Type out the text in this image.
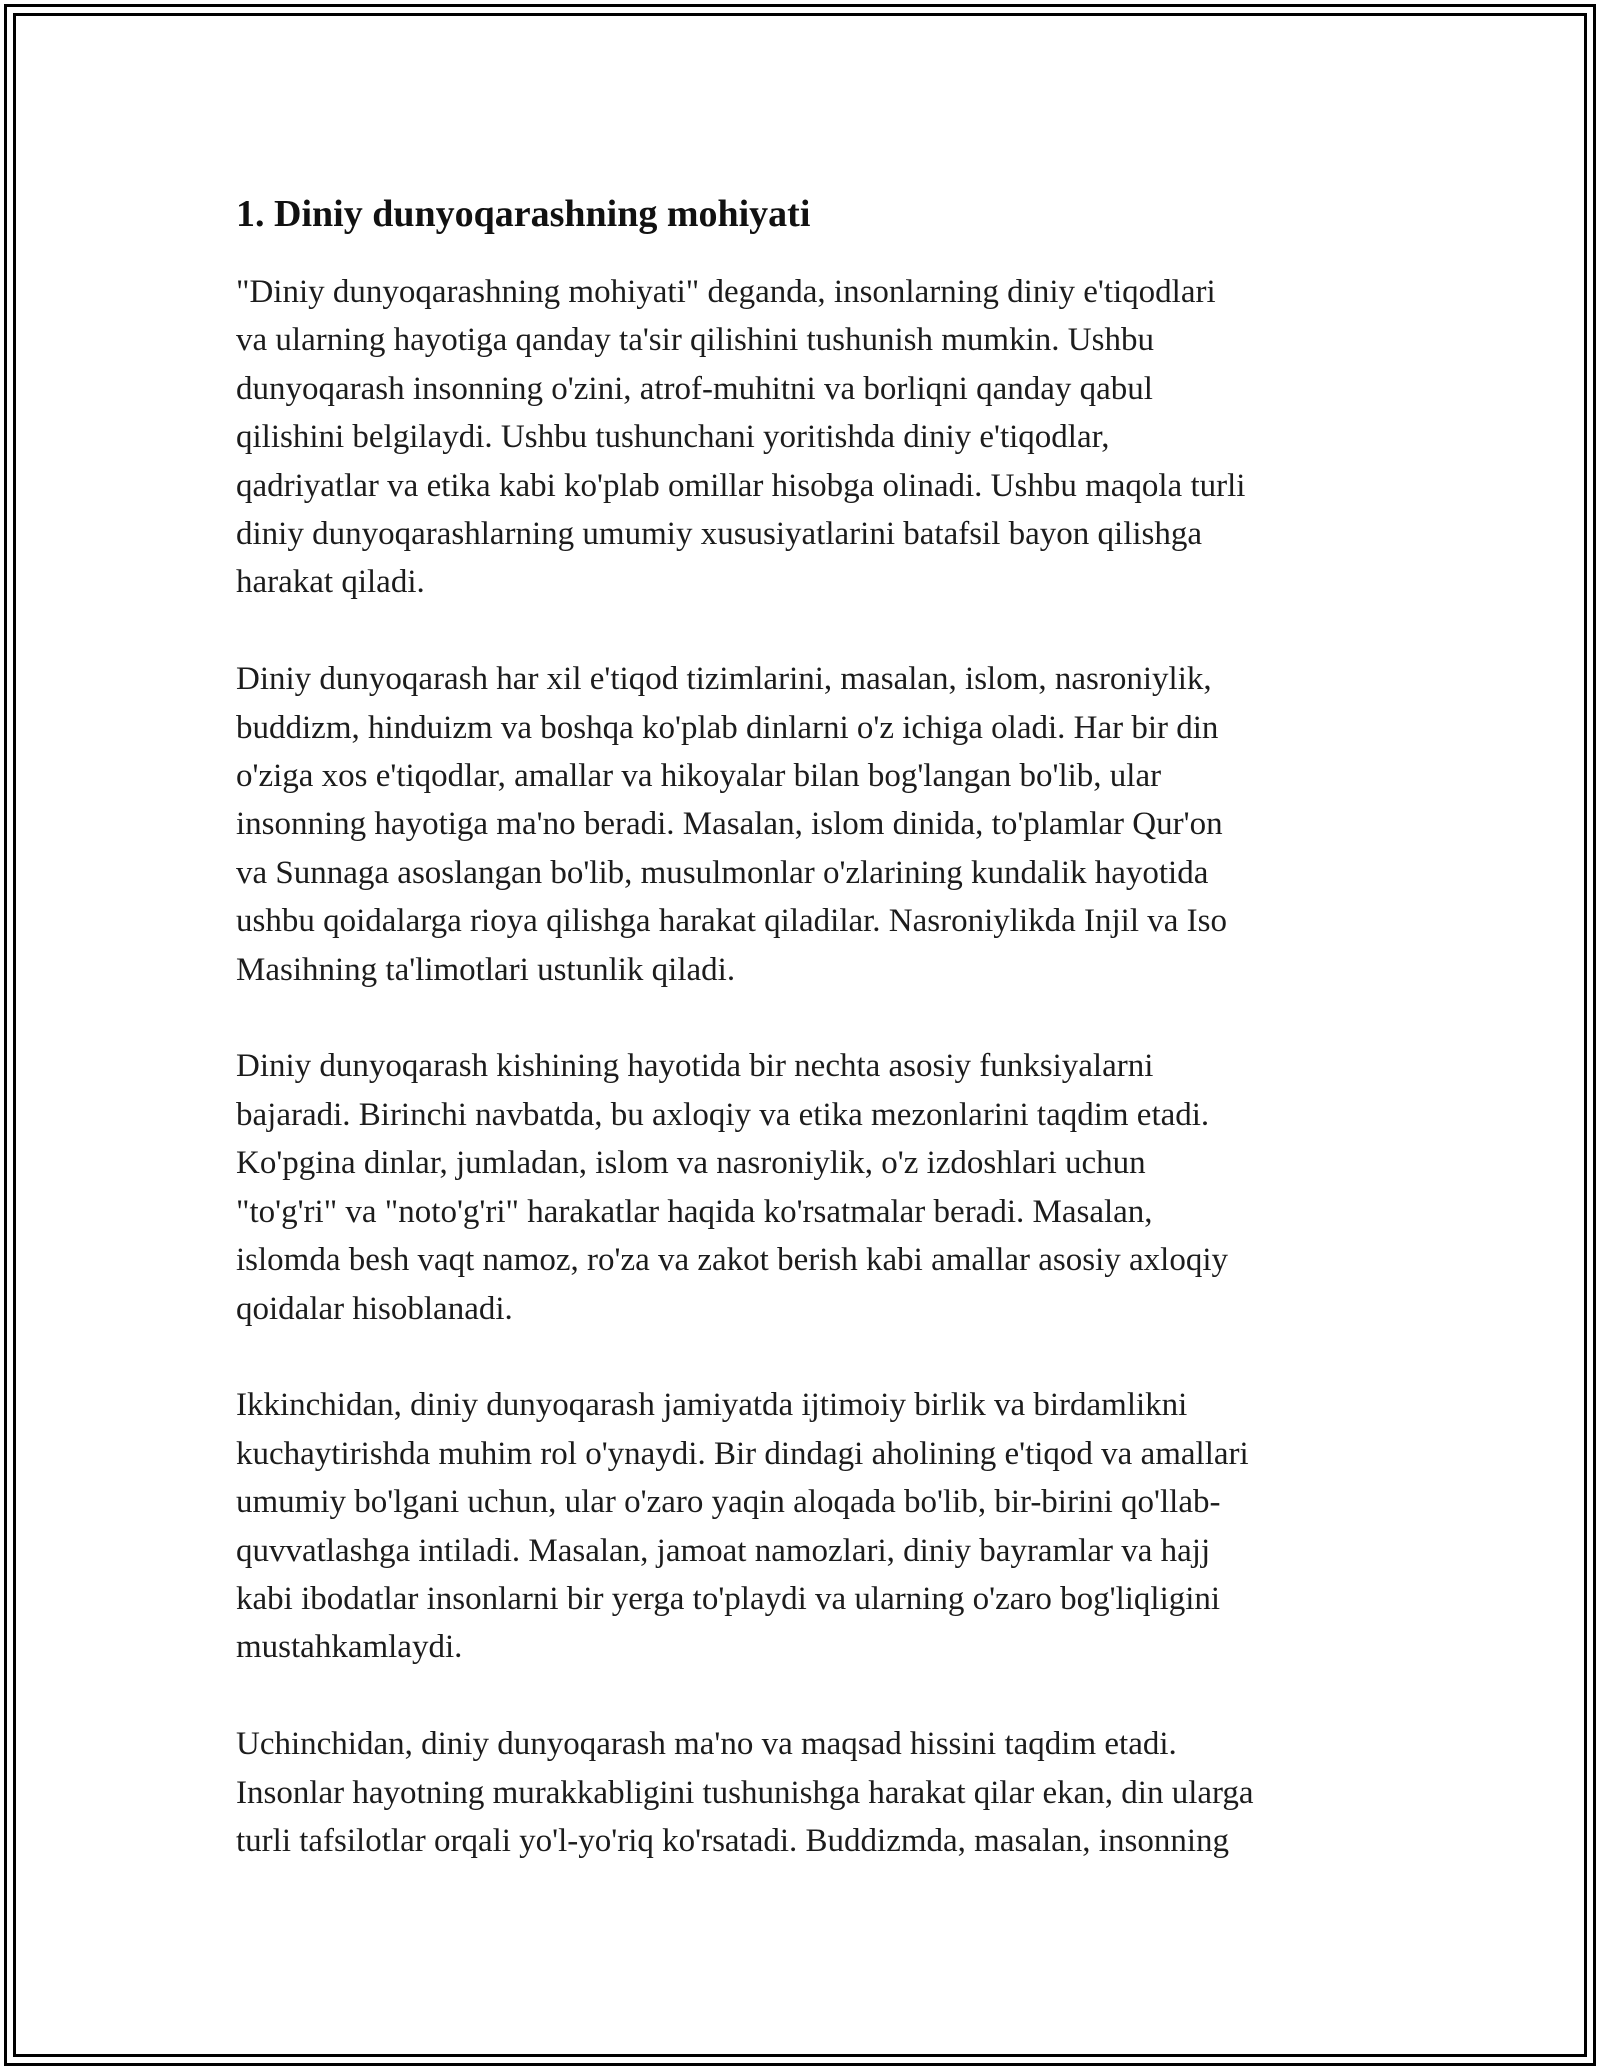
1. Diniy dunyoqarashning mohiyati

"Diniy dunyoqarashning mohiyati" deganda, insonlarning diniy e'tiqodlari
va ularning hayotiga qanday ta'sir qilishini tushunish mumkin. Ushbu
dunyoqarash insonning o'zini, atrof-muhitni va borliqni qanday qabul
qilishini belgilaydi. Ushbu tushunchani yoritishda diniy e'tiqodlar,
qadriyatlar va etika kabi ko'plab omillar hisobga olinadi. Ushbu maqola turli
diniy dunyoqarashlarning umumiy xususiyatlarini batafsil bayon qilishga
harakat qiladi.

Diniy dunyoqarash har xil e'tiqod tizimlarini, masalan, islom, nasroniylik,
buddizm, hinduizm va boshqa ko'plab dinlarni o'z ichiga oladi. Har bir din
o'ziga xos e'tiqodlar, amallar va hikoyalar bilan bog'langan bo'lib, ular
insonning hayotiga ma'no beradi. Masalan, islom dinida, to'plamlar Qur'on
va Sunnaga asoslangan bo'lib, musulmonlar o'zlarining kundalik hayotida
ushbu qoidalarga rioya qilishga harakat qiladilar. Nasroniylikda Injil va Iso
Masihning ta'limotlari ustunlik qiladi.

Diniy dunyoqarash kishining hayotida bir nechta asosiy funksiyalarni
bajaradi. Birinchi navbatda, bu axloqiy va etika mezonlarini taqdim etadi.
Ko'pgina dinlar, jumladan, islom va nasroniylik, o'z izdoshlari uchun
"to'g'ri" va "noto'g'ri" harakatlar haqida ko'rsatmalar beradi. Masalan,
islomda besh vaqt namoz, ro'za va zakot berish kabi amallar asosiy axloqiy
qoidalar hisoblanadi.

Ikkinchidan, diniy dunyoqarash jamiyatda ijtimoiy birlik va birdamlikni
kuchaytirishda muhim rol o'ynaydi. Bir dindagi aholining e'tiqod va amallari
umumiy bo'lgani uchun, ular o'zaro yaqin aloqada bo'lib, bir-birini qo'llab-
quvvatlashga intiladi. Masalan, jamoat namozlari, diniy bayramlar va hajj
kabi ibodatlar insonlarni bir yerga to'playdi va ularning o'zaro bog'liqligini
mustahkamlaydi.

Uchinchidan, diniy dunyoqarash ma'no va maqsad hissini taqdim etadi.
Insonlar hayotning murakkabligini tushunishga harakat qilar ekan, din ularga
turli tafsilotlar orqali yo'l-yo'riq ko'rsatadi. Buddizmda, masalan, insonning
